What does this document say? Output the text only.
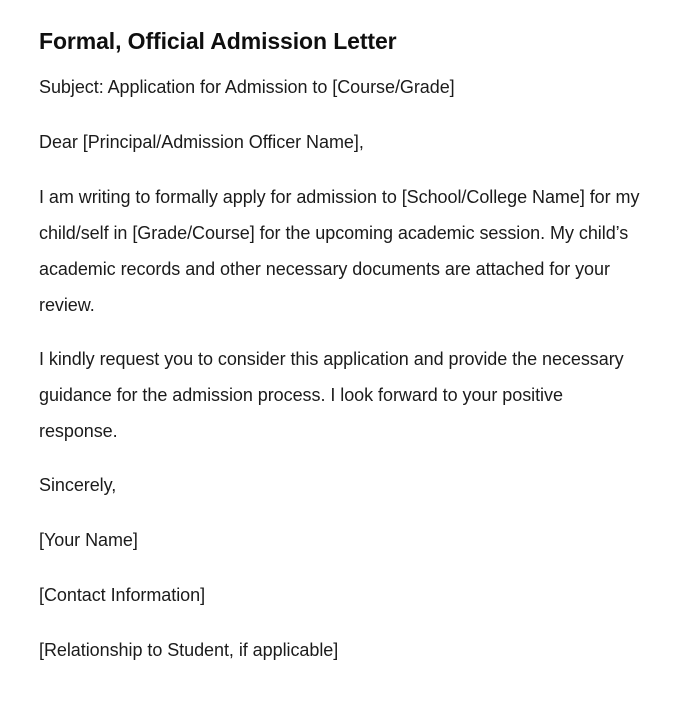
Formal, Official Admission Letter

Subject: Application for Admission to [Course/Grade]

Dear [Principal/Admission Officer Name],

I am writing to formally apply for admission to [School/College Name] for my child/self in [Grade/Course] for the upcoming academic session. My child’s academic records and other necessary documents are attached for your review.

I kindly request you to consider this application and provide the necessary guidance for the admission process. I look forward to your positive response.

Sincerely,

[Your Name]

[Contact Information]

[Relationship to Student, if applicable]
